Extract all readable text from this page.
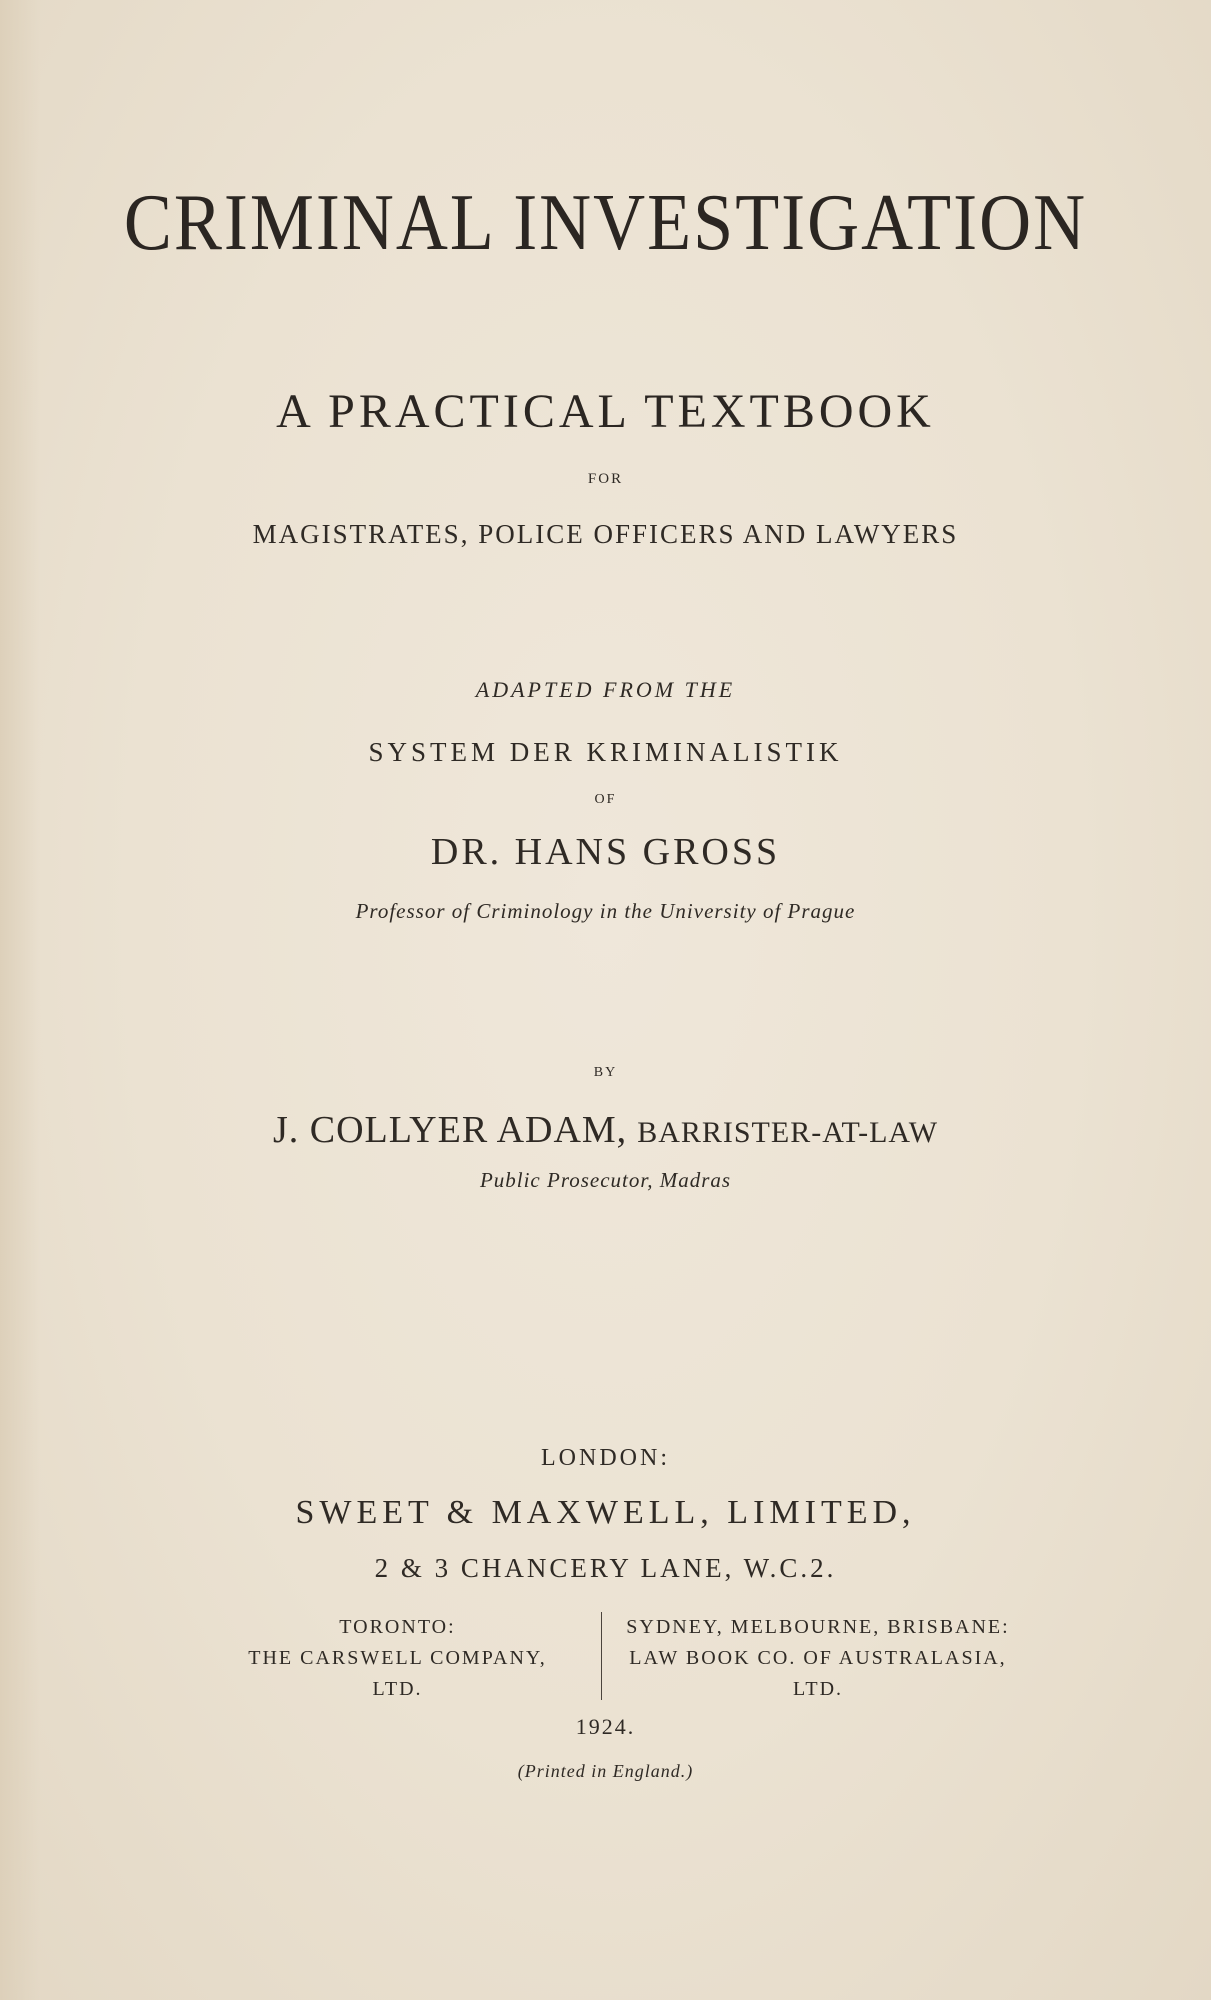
CRIMINAL INVESTIGATION
A PRACTICAL TEXTBOOK
FOR
MAGISTRATES, POLICE OFFICERS AND LAWYERS
ADAPTED FROM THE
SYSTEM DER KRIMINALISTIK
OF
DR. HANS GROSS
Professor of Criminology in the University of Prague
BY
J. COLLYER ADAM, BARRISTER-AT-LAW
Public Prosecutor, Madras
LONDON:
SWEET & MAXWELL, LIMITED,
2 & 3 CHANCERY LANE, W.C.2.
TORONTO:
THE CARSWELL COMPANY,
LTD.
SYDNEY, MELBOURNE, BRISBANE:
LAW BOOK CO. OF AUSTRALASIA,
LTD.
1924.
(Printed in England.)
